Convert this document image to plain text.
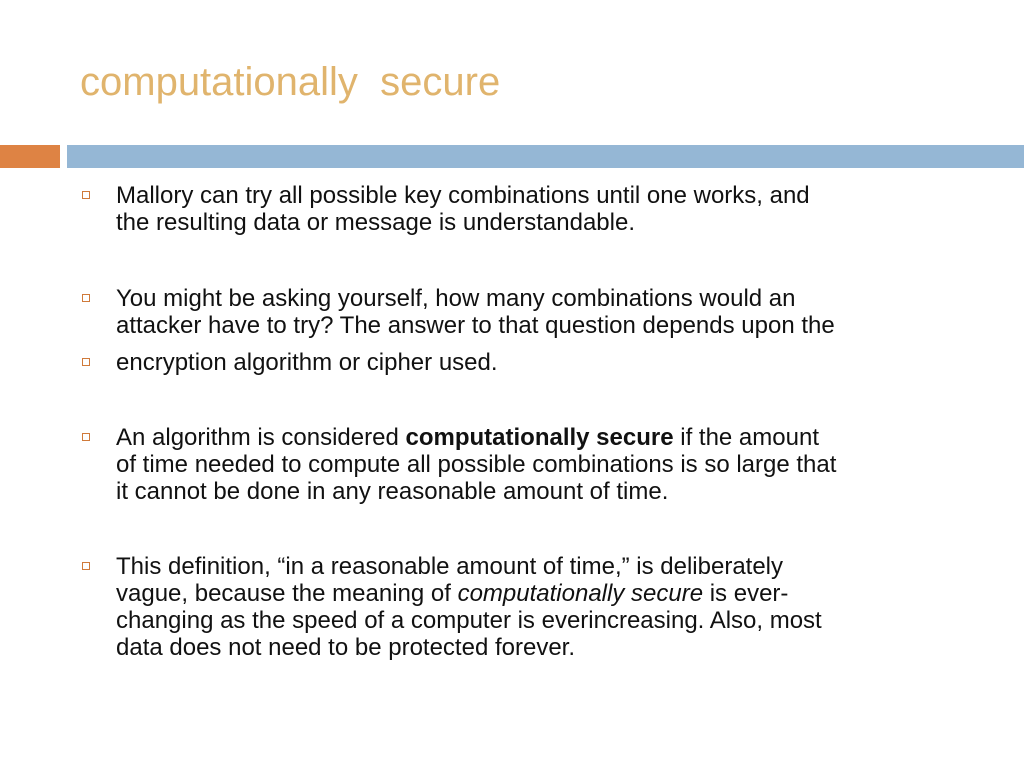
computationally  secure

Mallory can try all possible key combinations until one works, and
the resulting data or message is understandable.

You might be asking yourself, how many combinations would an
attacker have to try? The answer to that question depends upon the

encryption algorithm or cipher used.

An algorithm is considered computationally secure if the amount
of time needed to compute all possible combinations is so large that
it cannot be done in any reasonable amount of time.

This definition, “in a reasonable amount of time,” is deliberately
vague, because the meaning of computationally secure is ever-
changing as the speed of a computer is everincreasing. Also, most
data does not need to be protected forever.
